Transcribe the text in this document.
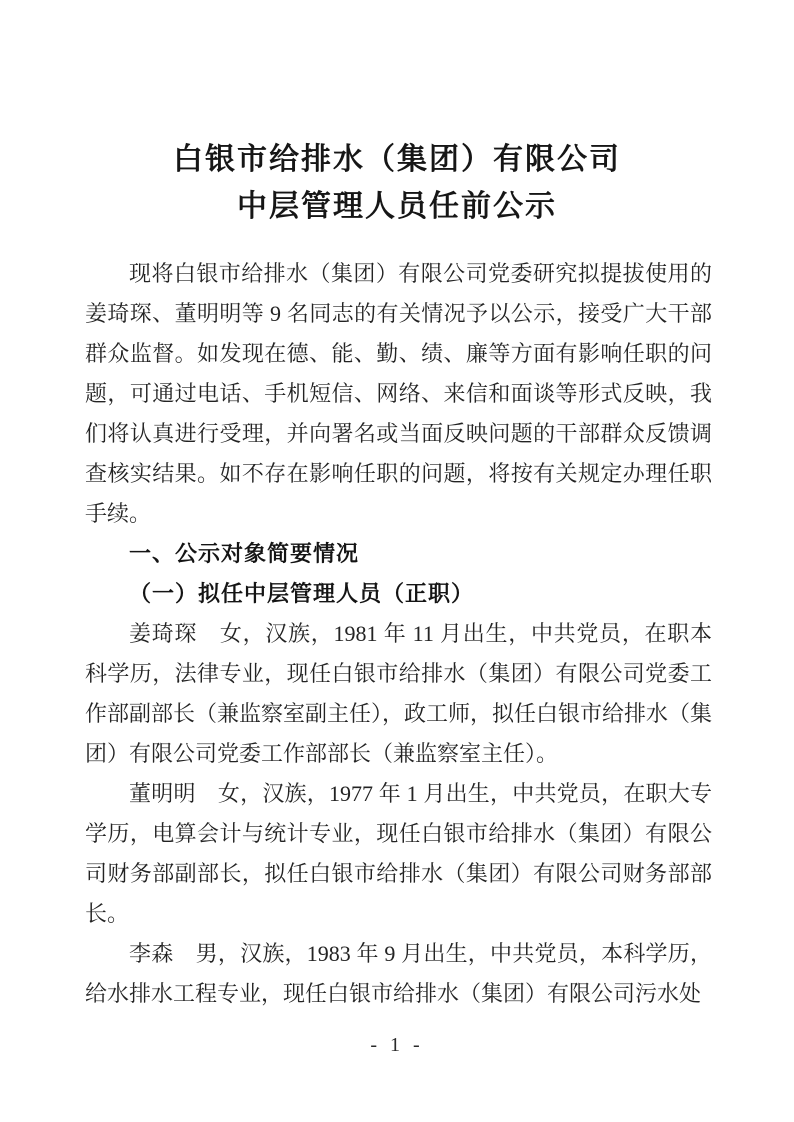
白银市给排水（集团）有限公司
中层管理人员任前公示

现将白银市给排水（集团）有限公司党委研究拟提拔使用的姜琦琛、董明明等 9 名同志的有关情况予以公示，接受广大干部群众监督。如发现在德、能、勤、绩、廉等方面有影响任职的问题，可通过电话、手机短信、网络、来信和面谈等形式反映，我们将认真进行受理，并向署名或当面反映问题的干部群众反馈调查核实结果。如不存在影响任职的问题，将按有关规定办理任职手续。

一、公示对象简要情况
（一）拟任中层管理人员（正职）

姜琦琛　女，汉族，1981 年 11 月出生，中共党员，在职本科学历，法律专业，现任白银市给排水（集团）有限公司党委工作部副部长（兼监察室副主任），政工师，拟任白银市给排水（集团）有限公司党委工作部部长（兼监察室主任）。

董明明　女，汉族，1977 年 1 月出生，中共党员，在职大专学历，电算会计与统计专业，现任白银市给排水（集团）有限公司财务部副部长，拟任白银市给排水（集团）有限公司财务部部长。

李森　男，汉族，1983 年 9 月出生，中共党员，本科学历，给水排水工程专业，现任白银市给排水（集团）有限公司污水处

- 1 -
